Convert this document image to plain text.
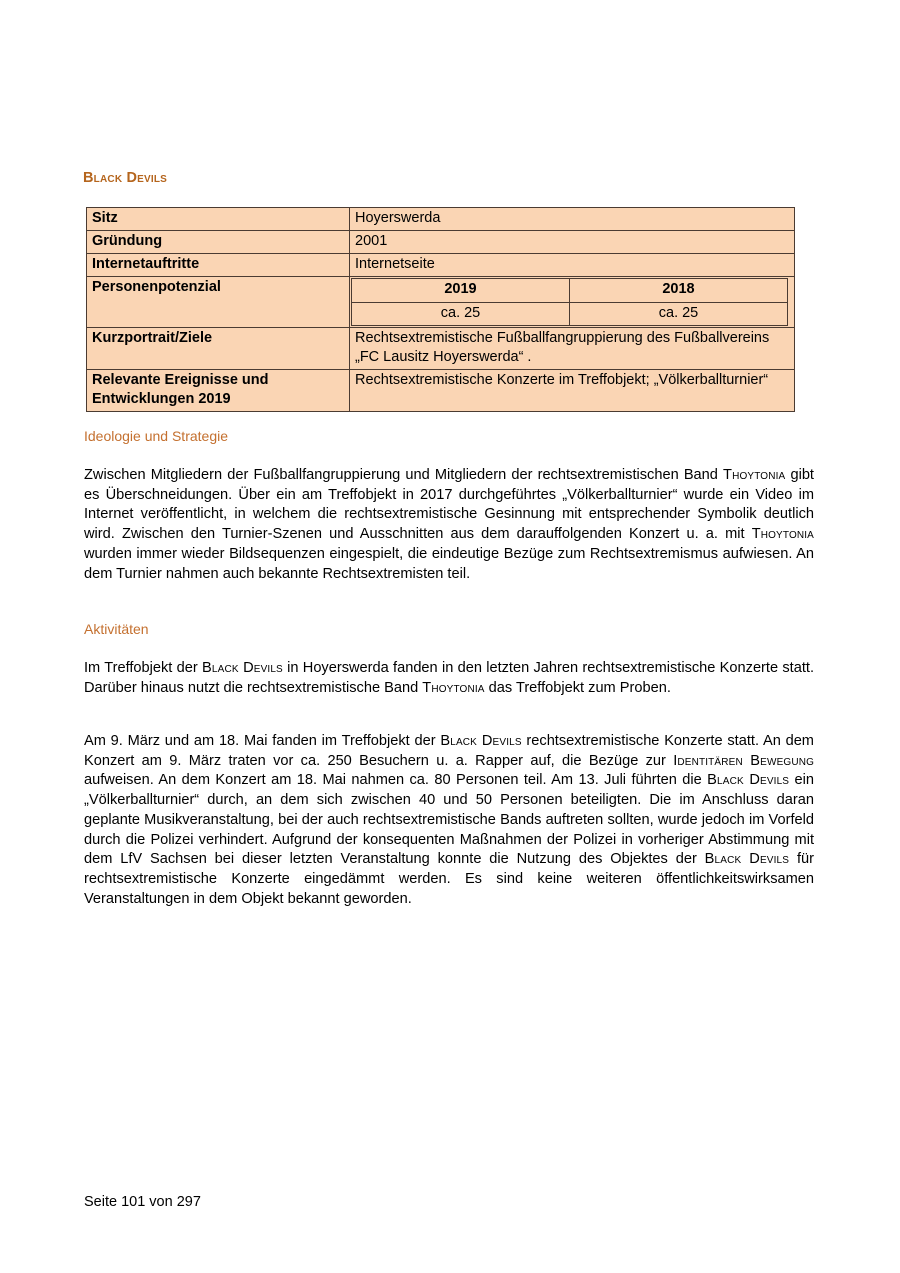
Black Devils
Sitz	Hoyerswerda
Gründung	2001
Internetauftritte	Internetseite
Personenpotenzial		2019	2018
ca. 25	ca. 25

Kurzportrait/Ziele	Rechtsextremistische Fußballfangruppierung des Fußballvereins „FC Lausitz Hoyerswerda“ .
Relevante Ereignisse und Entwicklungen 2019	Rechtsextremistische Konzerte im Treffobjekt; „Völkerballturnier“
Ideologie und Strategie
Zwischen Mitgliedern der Fußballfangruppierung und Mitgliedern der rechtsextremistischen Band Thoytonia gibt es Überschneidungen. Über ein am Treffobjekt in 2017 durchgeführtes „Völkerballturnier“ wurde ein Video im Internet veröffentlicht, in welchem die rechtsextremistische Gesinnung mit entsprechender Symbolik deutlich wird. Zwischen den Turnier-Szenen und Ausschnitten aus dem darauffolgenden Konzert u. a. mit Thoytonia wurden immer wieder Bildsequenzen eingespielt, die eindeutige Bezüge zum Rechtsextremismus aufwiesen. An dem Turnier nahmen auch bekannte Rechtsextremisten teil.
Aktivitäten
Im Treffobjekt der Black Devils in Hoyerswerda fanden in den letzten Jahren rechtsextremistische Konzerte statt. Darüber hinaus nutzt die rechtsextremistische Band Thoytonia das Treffobjekt zum Proben.
Am 9. März und am 18. Mai fanden im Treffobjekt der Black Devils rechtsextremistische Konzerte statt. An dem Konzert am 9. März traten vor ca. 250 Besuchern u. a. Rapper auf, die Bezüge zur Identitären Bewegung aufweisen. An dem Konzert am 18. Mai nahmen ca. 80 Personen teil. Am 13. Juli führten die Black Devils ein „Völkerballturnier“ durch, an dem sich zwischen 40 und 50 Personen beteiligten. Die im Anschluss daran geplante Musikveranstaltung, bei der auch rechtsextremistische Bands auftreten sollten, wurde jedoch im Vorfeld durch die Polizei verhindert. Aufgrund der konsequenten Maßnahmen der Polizei in vorheriger Abstimmung mit dem LfV Sachsen bei dieser letzten Veranstaltung konnte die Nutzung des Objektes der Black Devils für rechtsextremistische Konzerte eingedämmt werden. Es sind keine weiteren öffentlichkeitswirksamen Veranstaltungen in dem Objekt bekannt geworden.
Seite 101 von 297
